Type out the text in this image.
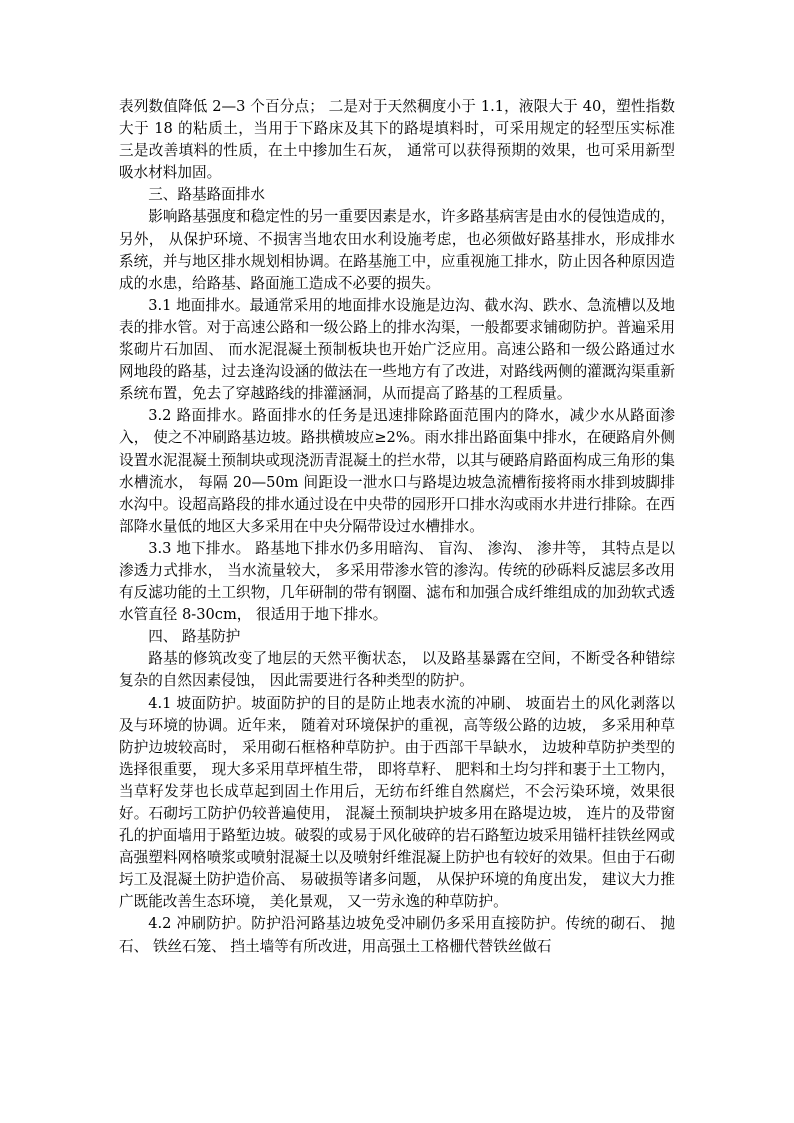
表列数值降低 2—3 个百分点； 二是对于天然稠度小于 1.1，液限大于 40，塑性指数大于 18 的粘质土，当用于下路床及其下的路堤填料时，可采用规定的轻型压实标准 三是改善填料的性质，在土中掺加生石灰， 通常可以获得预期的效果，也可采用新型吸水材料加固。

三、路基路面排水

影响路基强度和稳定性的另一重要因素是水，许多路基病害是由水的侵蚀造成的，另外， 从保护环境、不损害当地农田水利设施考虑，也必须做好路基排水，形成排水系统，并与地区排水规划相协调。在路基施工中，应重视施工排水，防止因各种原因造成的水患，给路基、路面施工造成不必要的损失。

3.1 地面排水。最通常采用的地面排水设施是边沟、截水沟、跌水、急流槽以及地表的排水管。对于高速公路和一级公路上的排水沟渠，一般都要求铺砌防护。普遍采用浆砌片石加固、 而水泥混凝土预制板块也开始广泛应用。高速公路和一级公路通过水网地段的路基，过去逢沟设涵的做法在一些地方有了改进，对路线两侧的灌溉沟渠重新系统布置，免去了穿越路线的排灌涵洞，从而提高了路基的工程质量。

3.2 路面排水。路面排水的任务是迅速排除路面范围内的降水，减少水从路面渗入， 使之不冲刷路基边坡。路拱横坡应≥2%。雨水排出路面集中排水，在硬路肩外侧设置水泥混凝土预制块或现浇沥青混凝土的拦水带，以其与硬路肩路面构成三角形的集水槽流水， 每隔 20—50m 间距设一泄水口与路堤边坡急流槽衔接将雨水排到坡脚排水沟中。设超高路段的排水通过设在中央带的园形开口排水沟或雨水井进行排除。在西部降水量低的地区大多采用在中央分隔带设过水槽排水。

3.3 地下排水。 路基地下排水仍多用暗沟、 盲沟、 渗沟、 渗井等， 其特点是以渗透力式排水， 当水流量较大， 多采用带渗水管的渗沟。传统的砂砾料反滤层多改用有反滤功能的土工织物，几年研制的带有钢圈、滤布和加强合成纤维组成的加劲软式透水管直径 8-30cm， 很适用于地下排水。

四、 路基防护

路基的修筑改变了地层的天然平衡状态， 以及路基暴露在空间，不断受各种错综复杂的自然因素侵蚀， 因此需要进行各种类型的防护。

4.1 坡面防护。坡面防护的目的是防止地表水流的冲刷、 坡面岩土的风化剥落以及与环境的协调。近年来， 随着对环境保护的重视，高等级公路的边坡， 多采用种草防护边坡较高时， 采用砌石框格种草防护。由于西部干旱缺水， 边坡种草防护类型的选择很重要， 现大多采用草坪植生带， 即将草籽、 肥料和土均匀拌和裹于土工物内， 当草籽发芽也长成草起到固土作用后，无纺布纤维自然腐烂，不会污染环境，效果很好。石砌圬工防护仍较普遍使用， 混凝土预制块护坡多用在路堤边坡， 连片的及带窗孔的护面墙用于路堑边坡。破裂的或易于风化破碎的岩石路堑边坡采用锚杆挂铁丝网或高强塑料网格喷浆或喷射混凝土以及喷射纤维混凝上防护也有较好的效果。但由于石砌圬工及混凝土防护造价高、 易破损等诸多问题， 从保护环境的角度出发， 建议大力推广既能改善生态环境， 美化景观， 又一劳永逸的种草防护。

4.2 冲刷防护。防护沿河路基边坡免受冲刷仍多采用直接防护。传统的砌石、 抛石、 铁丝石笼、 挡土墙等有所改进，用高强土工格栅代替铁丝做石
